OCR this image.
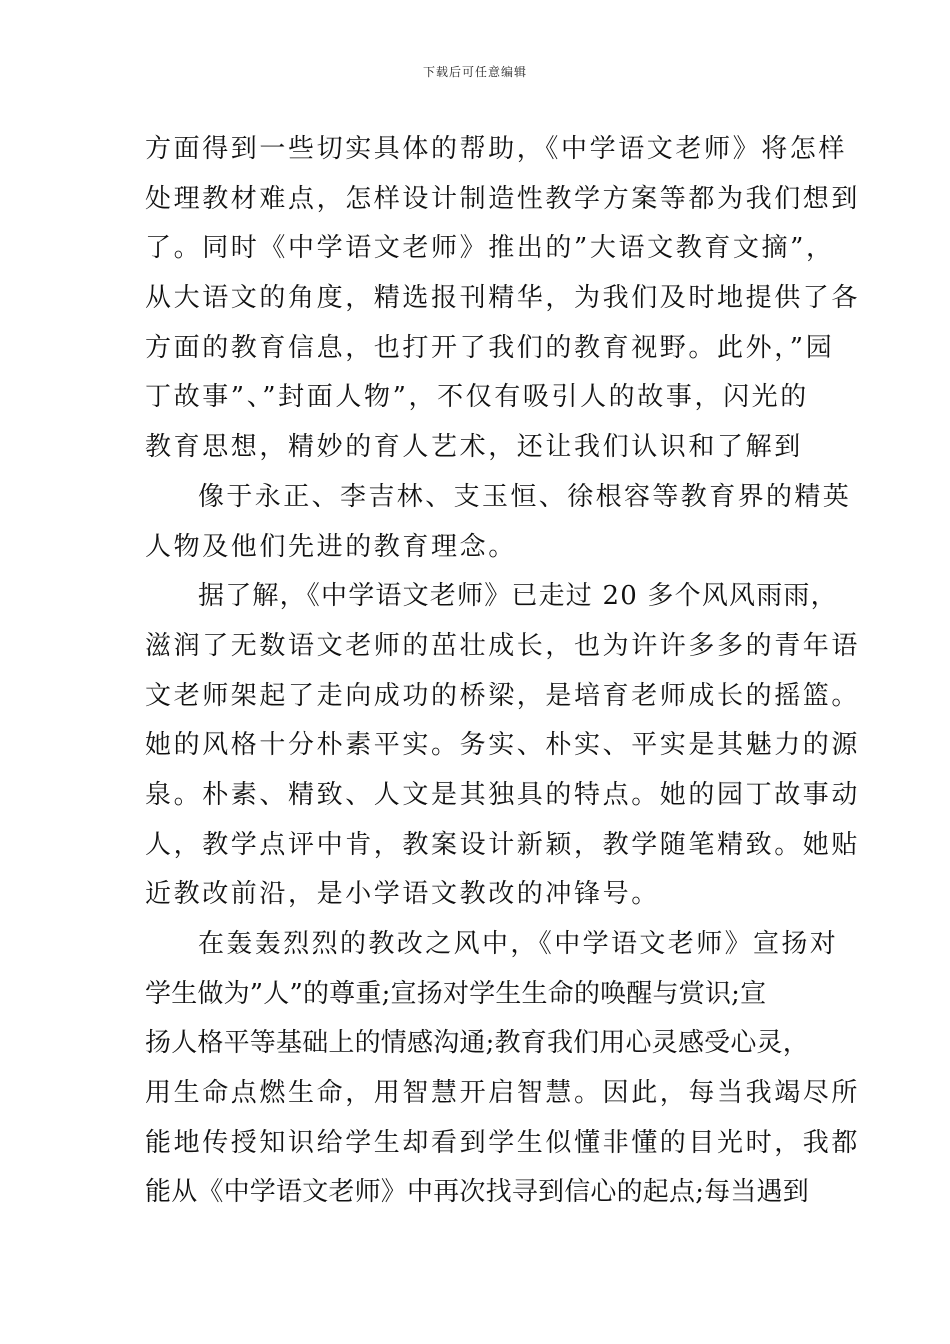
下载后可任意编辑
方面得到一些切实具体的帮助，《中学语文老师》将怎样
处理教材难点，怎样设计制造性教学方案等都为我们想到
了。同时《中学语文老师》推出的”大语文教育文摘”，
从大语文的角度，精选报刊精华，为我们及时地提供了各
方面的教育信息，也打开了我们的教育视野。此外，”园
丁故事”、”封面人物”，不仅有吸引人的故事，闪光的
教育思想，精妙的育人艺术，还让我们认识和了解到
像于永正、李吉林、支玉恒、徐根容等教育界的精英
人物及他们先进的教育理念。
据了解，《中学语文老师》已走过 20 多个风风雨雨，
滋润了无数语文老师的茁壮成长，也为许许多多的青年语
文老师架起了走向成功的桥梁，是培育老师成长的摇篮。
她的风格十分朴素平实。务实、朴实、平实是其魅力的源
泉。朴素、精致、人文是其独具的特点。她的园丁故事动
人，教学点评中肯，教案设计新颖，教学随笔精致。她贴
近教改前沿，是小学语文教改的冲锋号。
在轰轰烈烈的教改之风中，《中学语文老师》宣扬对
学生做为”人”的尊重;宣扬对学生生命的唤醒与赏识;宣
扬人格平等基础上的情感沟通;教育我们用心灵感受心灵，
用生命点燃生命，用智慧开启智慧。因此，每当我竭尽所
能地传授知识给学生却看到学生似懂非懂的目光时，我都
能从《中学语文老师》中再次找寻到信心的起点;每当遇到
